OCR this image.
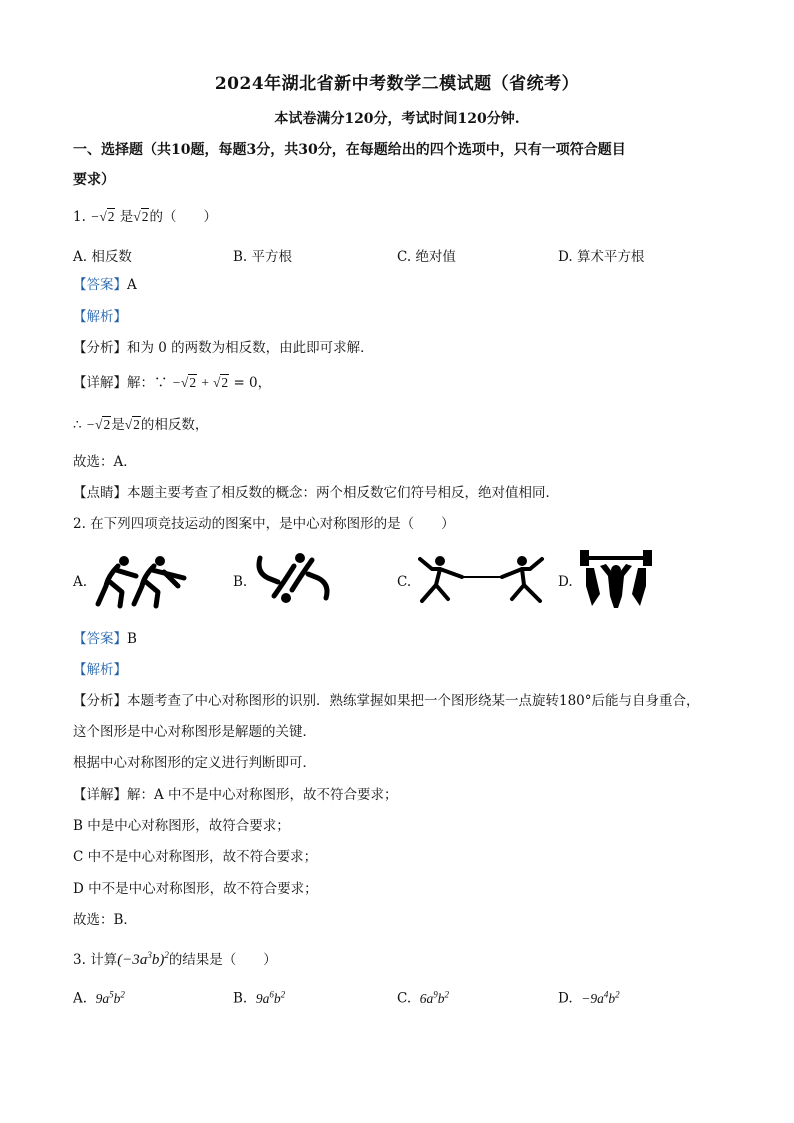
2024年湖北省新中考数学二模试题（省统考）
本试卷满分120分，考试时间120分钟.
一、选择题（共10题，每题3分，共30分，在每题给出的四个选项中，只有一项符合题目
要求）
1. −√2 是√2的（　　）
A. 相反数	B. 平方根	C. 绝对值	D. 算术平方根
【答案】A
【解析】
【分析】和为 0 的两数为相反数，由此即可求解．
【详解】解：∵ −√2 + √2 = 0，
∴ −√2是√2的相反数，
故选：A．
【点睛】本题主要考查了相反数的概念：两个相反数它们符号相反，绝对值相同．
2. 在下列四项竞技运动的图案中，是中心对称图形的是（　　）
A.	B.	C.	D.
【答案】B
【解析】
【分析】本题考查了中心对称图形的识别．熟练掌握如果把一个图形绕某一点旋转180°后能与自身重合，
这个图形是中心对称图形是解题的关键．
根据中心对称图形的定义进行判断即可．
【详解】解：A 中不是中心对称图形，故不符合要求；
B 中是中心对称图形，故符合要求；
C 中不是中心对称图形，故不符合要求；
D 中不是中心对称图形，故不符合要求；
故选：B．
3. 计算$(-3a^3b)^2$的结果是（　　）
A. $9a^5b^2$	B. $9a^6b^2$	C. $6a^9b^2$	D. $-9a^4b^2$
